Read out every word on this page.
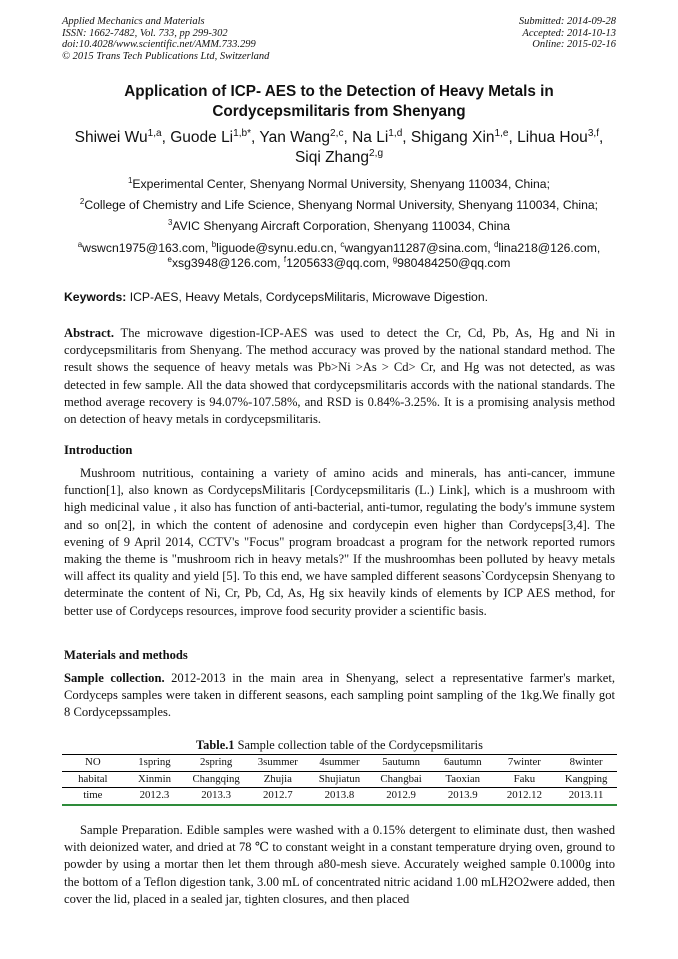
Applied Mechanics and Materials
ISSN: 1662-7482, Vol. 733, pp 299-302
doi:10.4028/www.scientific.net/AMM.733.299
© 2015 Trans Tech Publications Ltd, Switzerland
Submitted: 2014-09-28
Accepted: 2014-10-13
Online: 2015-02-16
Application of ICP- AES to the Detection of Heavy Metals in
Cordycepsmilitaris from Shenyang
Shiwei Wu$^{1,a}$, Guode $Li^{1,b*}$, Yan Wang$^{2,c}$, Na Li$^{1,d}$, Shigang Xin$^{1,e}$, Lihua Hou$^{3,f}$,
Siqi Zhang$^{2,g}$
$^1$Experimental Center, Shenyang Normal University, Shenyang 110034, China;
$^2$College of Chemistry and Life Science, Shenyang Normal University, Shenyang 110034, China;
$^3$AVIC Shenyang Aircraft Corporation, Shenyang 110034, China
$^a$wswcn1975@163.com, $^b$liguode@synu.edu.cn, $^c$wangyan11287@sina.com, $^d$lina218@126.com,
$^e$xsg3948@126.com, $^f$1205633@qq.com, $^g$980484250@qq.com
Keywords: ICP-AES, Heavy Metals, CordycepsMilitaris, Microwave Digestion.
Abstract. The microwave digestion-ICP-AES was used to detect the Cr, Cd, Pb, As, Hg and Ni in cordycepsmilitaris from Shenyang. The method accuracy was proved by the national standard method. The result shows the sequence of heavy metals was Pb>Ni >As > Cd> Cr, and Hg was not detected, as was detected in few sample. All the data showed that cordycepsmilitaris accords with the national standards. The method average recovery is 94.07%-107.58%, and RSD is 0.84%-3.25%. It is a promising analysis method on detection of heavy metals in cordycepsmilitaris.
Introduction
Mushroom nutritious, containing a variety of amino acids and minerals, has anti-cancer, immune function[1], also known as CordycepsMilitaris [Cordycepsmilitaris (L.) Link], which is a mushroom with high medicinal value , it also has function of anti-bacterial, anti-tumor, regulating the body's immune system and so on[2], in which the content of adenosine and cordycepin even higher than Cordyceps[3,4]. The evening of 9 April 2014, CCTV's "Focus" program broadcast a program for the network reported rumors making the theme is "mushroom rich in heavy metals?" If the mushroomhas been polluted by heavy metals will affect its quality and yield [5]. To this end, we have sampled different seasons`Cordycepsin Shenyang to determinate the content of Ni, Cr, Pb, Cd, As, Hg six heavily kinds of elements by ICP AES method, for better use of Cordyceps resources, improve food security provider a scientific basis.
Materials and methods
Sample collection. 2012-2013 in the main area in Shenyang, select a representative farmer's market, Cordyceps samples were taken in different seasons, each sampling point sampling of the 1kg.We finally got 8 Cordycepssamples.
Table.1 Sample collection table of the Cordycepsmilitaris
NO	1spring	2spring	3summer	4summer	5autumn	6autumn	7winter	8winter
habital	Xinmin	Changqing	Zhujia	Shujiatun	Changbai	Taoxian	Faku	Kangping
time	2012.3	2013.3	2012.7	2013.8	2012.9	2013.9	2012.12	2013.11
Sample Preparation. Edible samples were washed with a 0.15% detergent to eliminate dust, then washed with deionized water, and dried at 78 ℃ to constant weight in a constant temperature drying oven, ground to powder by using a mortar then let them through a80-mesh sieve. Accurately weighed sample 0.1000g into the bottom of a Teflon digestion tank, 3.00 mL of concentrated nitric acidand 1.00 mLH2O2were added, then cover the lid, placed in a sealed jar, tighten closures, and then placed
